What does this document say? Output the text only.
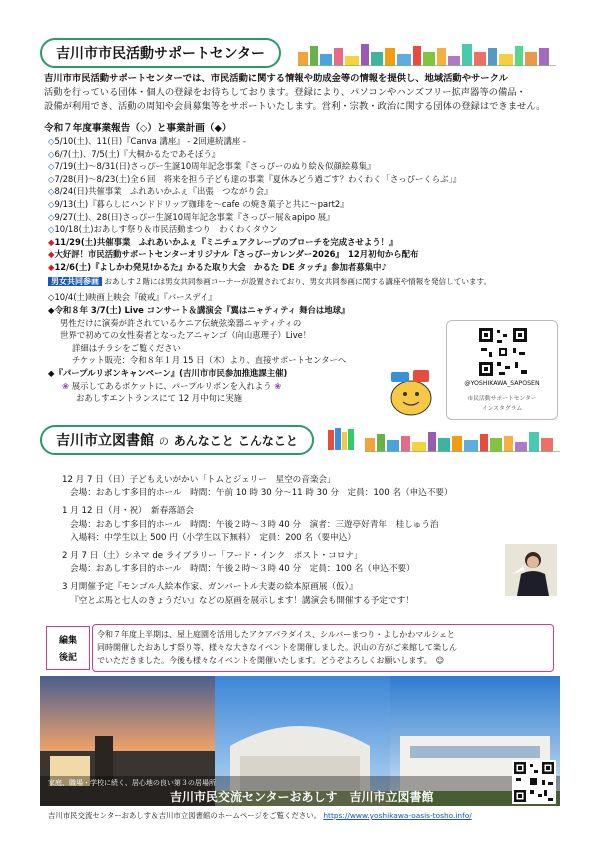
吉川市市民活動サポートセンター
吉川市市民活動サポートセンターでは、市民活動に関する情報や助成金等の情報を提供し、地域活動やサークル
活動を行っている団体・個人の登録をお待ちしております。登録により、パソコンやハンズフリー拡声器等の備品・
設備が利用でき、活動の周知や会員募集等をサポートいたします。営利・宗教・政治に関する団体の登録はできません。
令和７年度事業報告（◇）と事業計画（◆）
◇5/10(土)、11(日)『Canva 講座』 - 2回連続講座 -
◇6/7(土)、7/5(土)『大桐かるたであそぼう』
◇7/19(土)～8/31(日)さっぴー生誕10周年記念事業『さっぴーのぬり絵＆似顔絵募集』
◇7/28(月)～8/23(土)全６回　将来を担う子ども達の事業『夏休みどう過ごす？わくわく「さっぴーくらぶ」』
◇8/24(日)共催事業　ふれあいかふぇ『出張　つながり会』
◇9/13(土)『暮らしにハンドドリップ珈琲を～cafe の焼き菓子と共に～part2』
◇9/27(土)、28(日)さっぴー生誕10周年記念事業『さっぴー展＆apipo 展』
◇10/18(土)おあしす祭り＆市民活動まつり　わくわくタウン
◆11/29(土)共催事業　ふれあいかふぇ『ミニチュアクレープのブローチを完成させよう！』
◆大好評！市民活動サポートセンターオリジナル『さっぴーカレンダー2026』　12月初旬から配布
◆12/6(土)『よしかわ発見!かるた』かるた取り大会　かるた DE タッチ』参加者募集中♪
男女共同参画 おあしす２階には男女共同参画コーナーが設置されており、男女共同参画に関する講座や情報を発信しています。
◇10/4(土)映画上映会『破戒』『バースデイ』
◆令和８年 3/7(土) Live コンサート＆講演会『翼はニャティティ 舞台は地球』
男性だけに演奏が許されているケニア伝統弦楽器ニャティティの
世界で初めての女性奏者となったアニャンゴ（向山恵理子）Live！
詳細はチラシをご覧ください
チケット販売：令和８年１月 15 日（木）より、直接サポートセンターへ
◆『パープルリボンキャンペーン』(吉川市市民参加推進課主催)
❀ 展示してあるポケットに、パープルリボンを入れよう ❀
おあしすエントランスにて 12 月中旬に実施
@YOSHIKAWA_SAPOSEN
市民活動サポートセンター
インスタグラム
吉川市立図書館 の あんなこと こんなこと
12 月 7 日（日）子どもえいがかい「トムとジェリー　星空の音楽会」
会場：おあしす多目的ホール　時間：午前 10 時 30 分～11 時 30 分　定員：100 名（申込不要）
1 月 12 日（月・祝）　新春落語会
会場：おあしす多目的ホール　時間：午後２時～３時 40 分　演者：三遊亭好青年　桂しゅう治
入場料：中学生以上 500 円（小学生以下無料）　定員：200 名（要申込）
2 月 7 日（土）シネマ de ライブラリー「フード・インク　ポスト・コロナ」
会場：おあしす多目的ホール　時間：午後２時～３時 40 分　定員：100 名（申込不要）
3 月開催予定『モンゴル人絵本作家、ガンバートル夫妻の絵本原画展（仮）』
『空とぶ馬と七人のきょうだい』などの原画を展示します！講演会も開催する予定です！
編集
後記
令和７年度上半期は、屋上庭園を活用したアクアパラダイス、シルバーまつり・よしかわマルシェと
同時開催したおあしす祭り等、様々な大きなイベントを開催しました。沢山の方がご来館して楽しん
でいただきました。今後も様々なイベントを開催いたします。どうぞよろしくお願いします。　☺
家庭、職場・学校に続く、居心地の良い第３の居場所
吉川市民交流センターおあしす　吉川市立図書館
吉川市民交流センターおあしす＆吉川市立図書館のホームページをご覧ください。 https://www.yoshikawa-oasis-tosho.info/
